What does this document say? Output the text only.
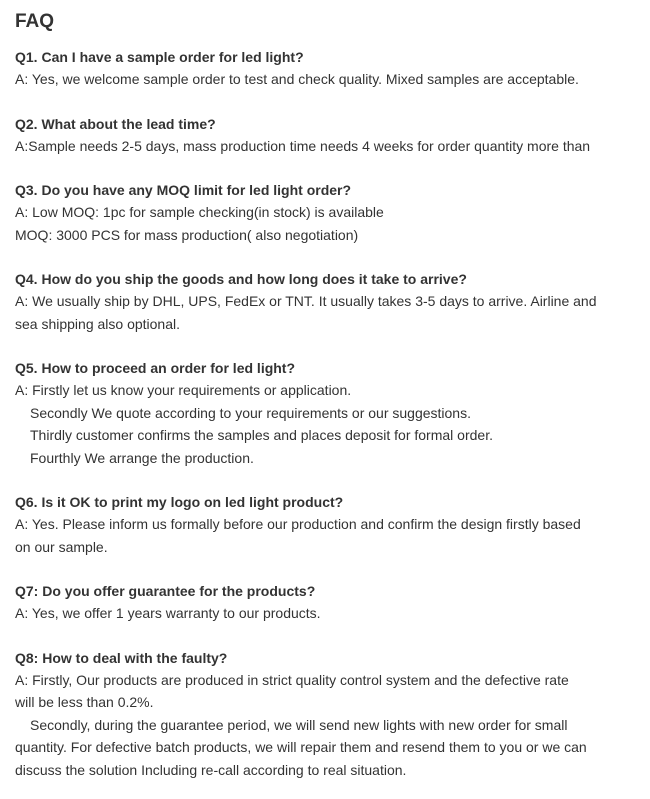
FAQ

Q1. Can I have a sample order for led light?

A: Yes, we welcome sample order to test and check quality. Mixed samples are acceptable.

Q2. What about the lead time?

A:Sample needs 2-5 days, mass production time needs 4 weeks for order quantity more than

Q3. Do you have any MOQ limit for led light order?

A: Low MOQ: 1pc for sample checking(in stock) is available

MOQ: 3000 PCS for mass production( also negotiation)

Q4. How do you ship the goods and how long does it take to arrive?

A: We usually ship by DHL, UPS, FedEx or TNT. It usually takes 3-5 days to arrive. Airline and

sea shipping also optional.

Q5. How to proceed an order for led light?

A: Firstly let us know your requirements or application.

Secondly We quote according to your requirements or our suggestions.

Thirdly customer confirms the samples and places deposit for formal order.

Fourthly We arrange the production.

Q6. Is it OK to print my logo on led light product?

A: Yes. Please inform us formally before our production and confirm the design firstly based

on our sample.

Q7: Do you offer guarantee for the products?

A: Yes, we offer 1 years warranty to our products.

Q8: How to deal with the faulty?

A: Firstly, Our products are produced in strict quality control system and the defective rate

will be less than 0.2%.

Secondly, during the guarantee period, we will send new lights with new order for small

quantity. For defective batch products, we will repair them and resend them to you or we can

discuss the solution Including re-call according to real situation.
